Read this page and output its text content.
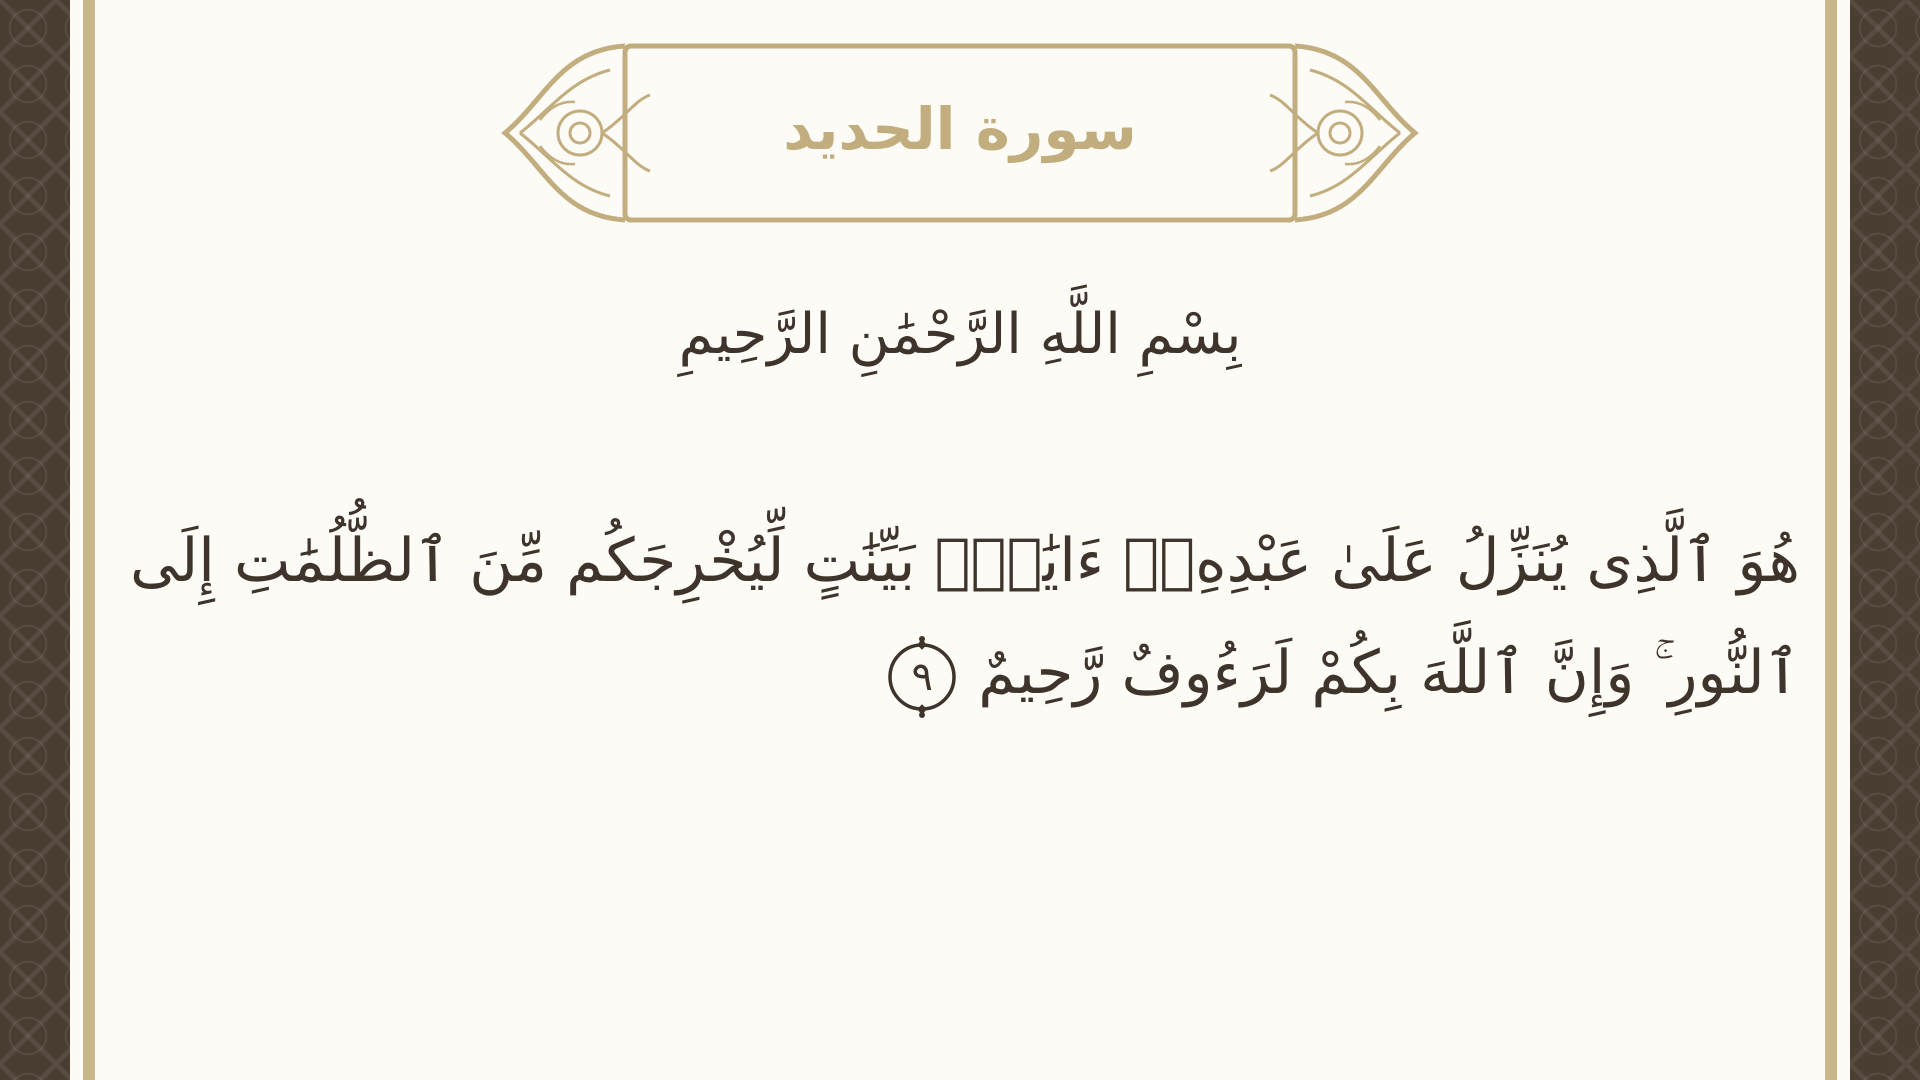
سورة الحديد
بِسْمِ اللَّهِ الرَّحْمَٰنِ الرَّحِيمِ
هُوَ ٱلَّذِى يُنَزِّلُ عَلَىٰ عَبْدِهِۦٓ ءَايَٰتٍۭ بَيِّنَٰتٍ لِّيُخْرِجَكُم مِّنَ ٱلظُّلُمَٰتِ إِلَى
ٱلنُّورِ ۚ وَإِنَّ ٱللَّهَ بِكُمْ لَرَءُوفٌ رَّحِيمٌ
٩
